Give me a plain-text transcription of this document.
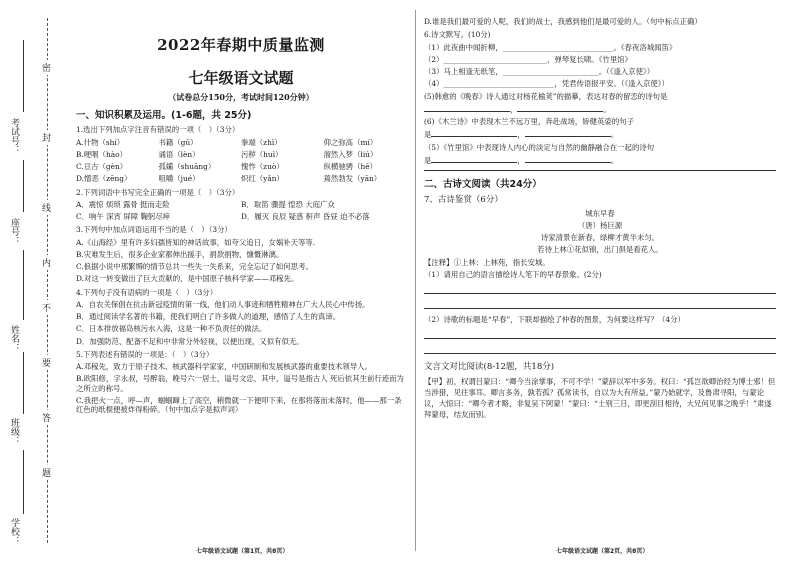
密
封
线
内
不
要
答
题
考试号：
座号：
姓名：
班级：
学校：
2022年春期中质量监测
七年级语文试题
（试卷总分150分，考试时间120分钟）
一、知识积累及运用。(1-6题，共 25分)
1.选出下列加点字注音有错误的一项（　）（3分）
A.什物（shí）	书籍（gū）	拳端（zhì）	仰之弥高（mí）
B.哽咽（hào）	诵语（lèn）	污秽（huì）	溜然入梦（liú）
C.亘古（gèn）	孤孀（shuāng）	愧怍（zuò）	纵横驰骋（hē）
D.憎恶（zēng）	咀嚼（jué）	炽红（yǎn）	蔫然勃发（yān）
2.下列词语中书写完全正确的一项是（　）（3分）
A．震惊 烦琐 露骨 挺而走险	B．取笛 骤提 惶恐 大庭广众
C．响午 深宵 屏障 鞠躬尽瘁	D．履灭 良辰 疑惑 鼾声 昏昼 迫不必落
3.下列句中加点词语运用不当的是（　）（3分）
A.《山海经》里有许多妇孺皆知的神话故事，如夸父追日，女娲补天等等.
B.灾难发生后，很多企业家都伸出援手，捐款捐物，慷慨淋漓。
C.俍据小说中那繁缛的情节总共一些失一失系来，完全忘记了如何思考。
D.对这一转变做出了巨大贡献的，是中国原子核科学家——邓稼先。
4.下列句子没有语病的一项是（　）（3分）
A．自农关保倡在抗击新冠疫情的第一线，他们动人事迹和牺牲精神在广大人民心中传扬。
B．通过阅读学名著的书籍，使我们明白了许多做人的道理，感悟了人生的真谛。
C．日本排放福岛核污水入海，这是一种不负责任的做法。
D．加强防范、配备不足和中非常分外轻视，以便出现，又似有似无。
5.下列表述有错误的一项是：（　）（3分）
A.邓稼先，致力于原子技术、核武器科学家家，中国研制和发展核武器的重要技术领导人。
B.欧阳修，字永叔，号醉翁，晚号六一居士，谥号文忠，其中，谥号是指古人 死后依其生前行迹而为之所立的称号。
C.我把火一点，呼—声，蝈蝈蹿上了高空，稍微就一下便叩下来，在那将落而未落时，他——那一条红色的纸棍便被炸得粉碎。（句中加点字是拟声词）
D.谁是我们最可爱的人呢，我们的战士，我感到他们是最可爱的人。（句中标点正确）
6.诗文默写。(10分)
（1）此夜曲中闻折柳，______________________________。《春夜洛城闻笛》
（2）____________________________，弹琴复长啸。《竹里馆》
（3）马上相逢无纸笔，__________________________。（《逢入京使》）
（4）______________________________，凭君传语报平安。（《逢入京使》）
(5)韩愈的《晚春》诗人通过对杨花榆荚”的描摹，表达对春的留恋的诗句是
，	。
(6)《木兰诗》中表现木兰不远万里，奔赴战场，矫健英姿的句子
是	，	。
（5）《竹里馆》中表现诗人内心的淡定与自然的幽静融合在一起的诗句
是	，	。
二、古诗文阅读（共24分）
7、古诗鉴赏（6分）
城东早春
（唐）杨巨源
诗家清景在新春，绿柳才黄半未匀。
若待上林①花似锦，出门俱是看花人。
【注释】①上林：上林苑，指长安城。
（1）请用自己的语言描绘诗人笔下的早春景象。(2分)
（2）诗歌的标题是“早春”，下联却描绘了仲春的图景，为何要这样写？（4分）
文言文对比阅读(8-12题，共18分)
【甲】初，权谓吕蒙曰：“卿今当涂掌事，不可不学！”蒙辞以军中多务。权曰：“孤岂欲卿治经为博士邪！但当涉猎，见往事耳。卿言多务，孰若孤？孤常读书，自以为大有所益。”蒙乃始就学，及鲁肃寻阳，与蒙论议，大惊曰：“卿今者才略，非复吴下阿蒙！”蒙曰：“士别三日，即更刮目相待，大兄何见事之晚乎！”肃遂拜蒙母，结友而别。
七年级语文试题（第1页，共8页）	七年级语文试题（第2页，共8页）
